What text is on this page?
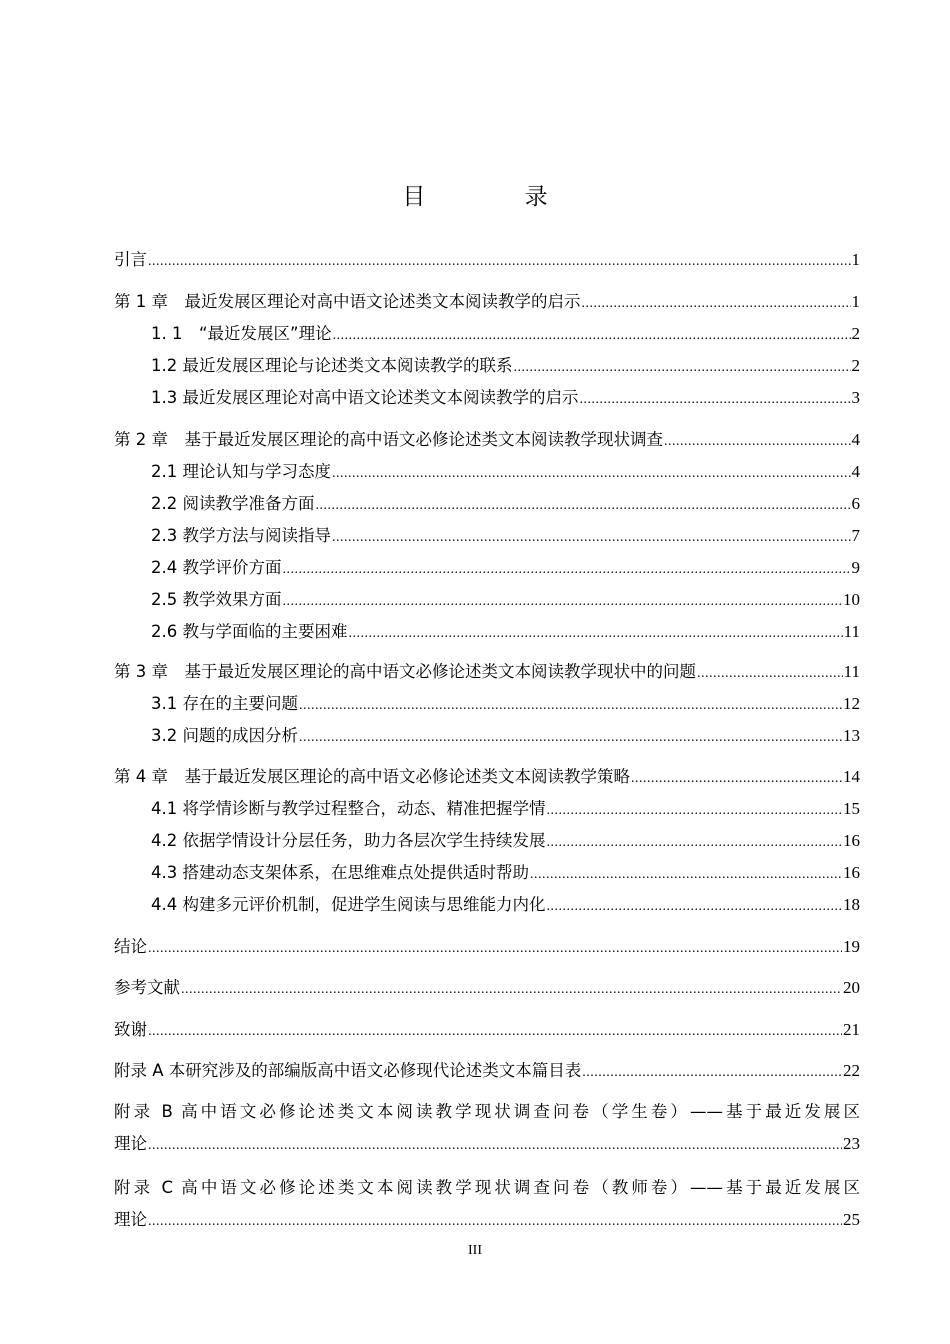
目 录
引言 .....	1
第 1 章　最近发展区理论对高中语文论述类文本阅读教学的启示 .....	1
1. 1　“最近发展区”理论 .....	2
1.2 最近发展区理论与论述类文本阅读教学的联系 .....	2
1.3 最近发展区理论对高中语文论述类文本阅读教学的启示 .....	3
第 2 章　基于最近发展区理论的高中语文必修论述类文本阅读教学现状调查 .....	4
2.1 理论认知与学习态度 .....	4
2.2 阅读教学准备方面 .....	6
2.3 教学方法与阅读指导 .....	7
2.4 教学评价方面 .....	9
2.5 教学效果方面 .....	10
2.6 教与学面临的主要困难 .....	11
第 3 章　基于最近发展区理论的高中语文必修论述类文本阅读教学现状中的问题 .....	11
3.1 存在的主要问题 .....	12
3.2 问题的成因分析 .....	13
第 4 章　基于最近发展区理论的高中语文必修论述类文本阅读教学策略 .....	14
4.1 将学情诊断与教学过程整合，动态、精准把握学情 .....	15
4.2 依据学情设计分层任务，助力各层次学生持续发展 .....	16
4.3 搭建动态支架体系，在思维难点处提供适时帮助 .....	16
4.4 构建多元评价机制，促进学生阅读与思维能力内化 .....	18
结论 .....	19
参考文献 .....	20
致谢 .....	21
附录 A 本研究涉及的部编版高中语文必修现代论述类文本篇目表 .....	22
附录 B 高中语文必修论述类文本阅读教学现状调查问卷（学生卷）——基于最近发展区
理论 .....	23
附录 C 高中语文必修论述类文本阅读教学现状调查问卷（教师卷）——基于最近发展区
理论 .....	25
III
